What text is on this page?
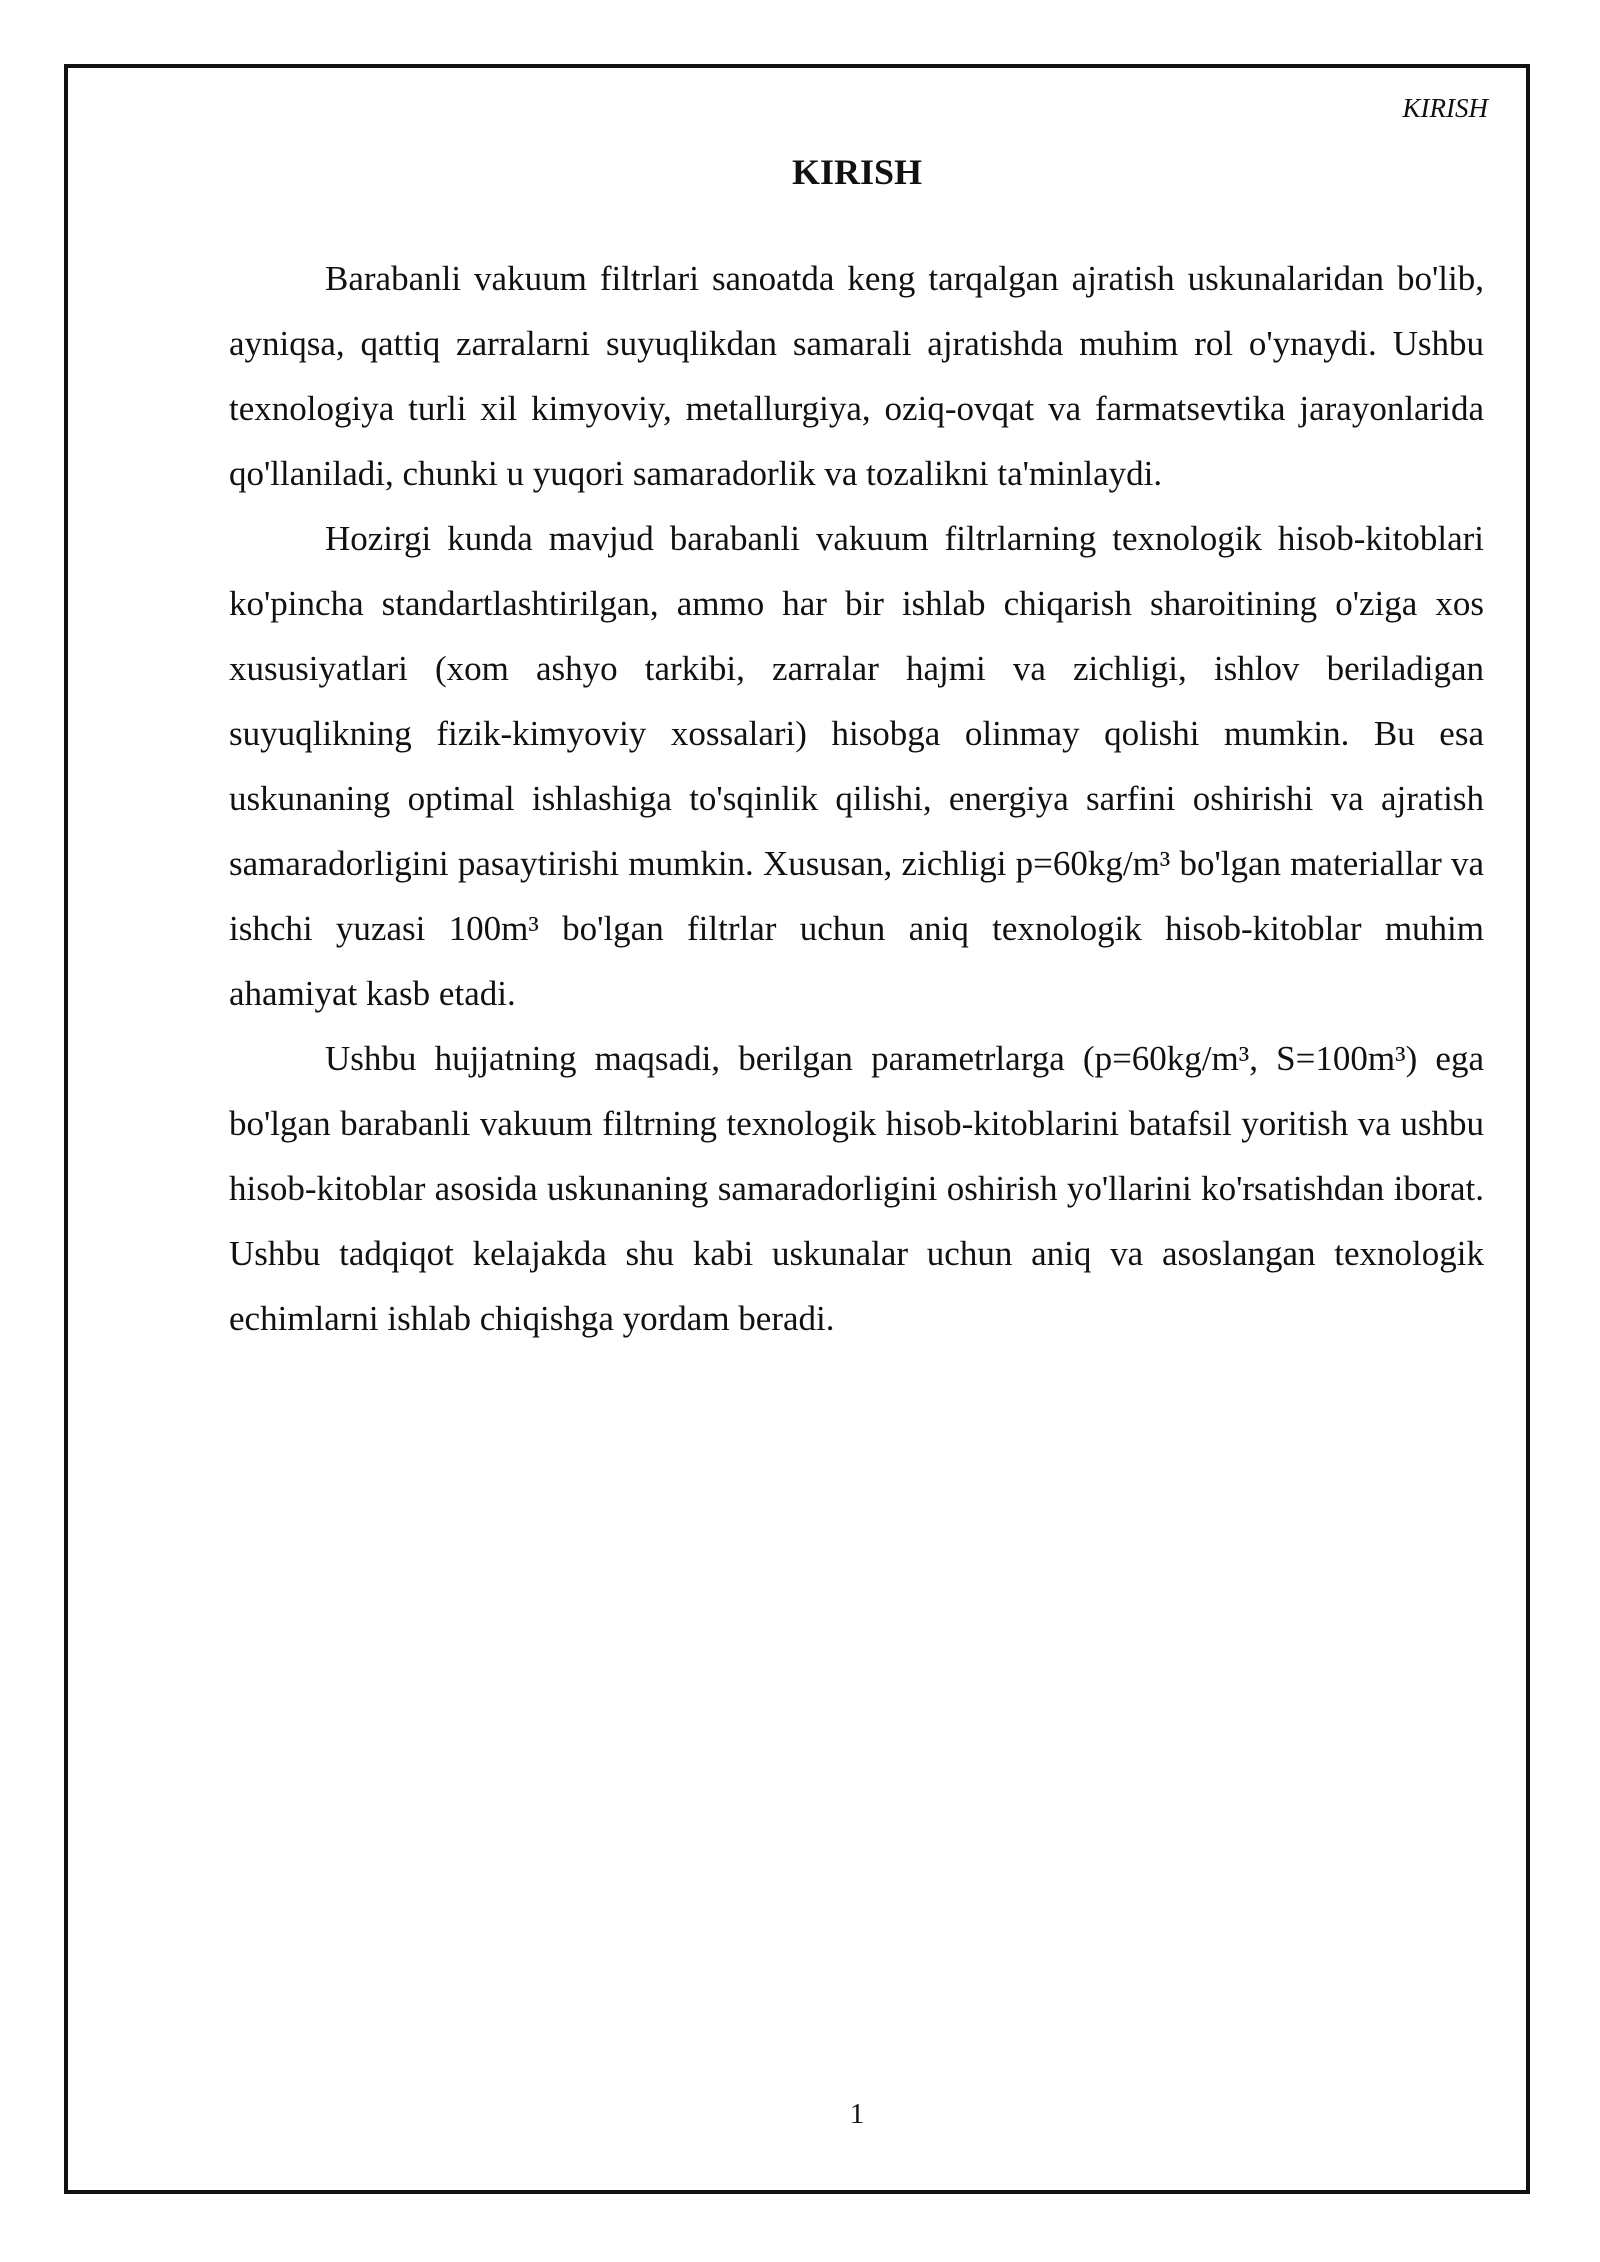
KIRISH
KIRISH

Barabanli vakuum filtrlari sanoatda keng tarqalgan ajratish uskunalaridan bo'lib, ayniqsa, qattiq zarralarni suyuqlikdan samarali ajratishda muhim rol o'ynaydi. Ushbu texnologiya turli xil kimyoviy, metallurgiya, oziq-ovqat va farmatsevtika jarayonlarida qo'llaniladi, chunki u yuqori samaradorlik va tozalikni ta'minlaydi.

Hozirgi kunda mavjud barabanli vakuum filtrlarning texnologik hisob-kitoblari ko'pincha standartlashtirilgan, ammo har bir ishlab chiqarish sharoitining o'ziga xos xususiyatlari (xom ashyo tarkibi, zarralar hajmi va zichligi, ishlov beriladigan suyuqlikning fizik-kimyoviy xossalari) hisobga olinmay qolishi mumkin. Bu esa uskunaning optimal ishlashiga to'sqinlik qilishi, energiya sarfini oshirishi va ajratish samaradorligini pasaytirishi mumkin. Xususan, zichligi p=60kg/m³ bo'lgan materiallar va ishchi yuzasi 100m³ bo'lgan filtrlar uchun aniq texnologik hisob-kitoblar muhim ahamiyat kasb etadi.

Ushbu hujjatning maqsadi, berilgan parametrlarga (p=60kg/m³, S=100m³) ega bo'lgan barabanli vakuum filtrning texnologik hisob-kitoblarini batafsil yoritish va ushbu hisob-kitoblar asosida uskunaning samaradorligini oshirish yo'llarini ko'rsatishdan iborat. Ushbu tadqiqot kelajakda shu kabi uskunalar uchun aniq va asoslangan texnologik echimlarni ishlab chiqishga yordam beradi.

1
